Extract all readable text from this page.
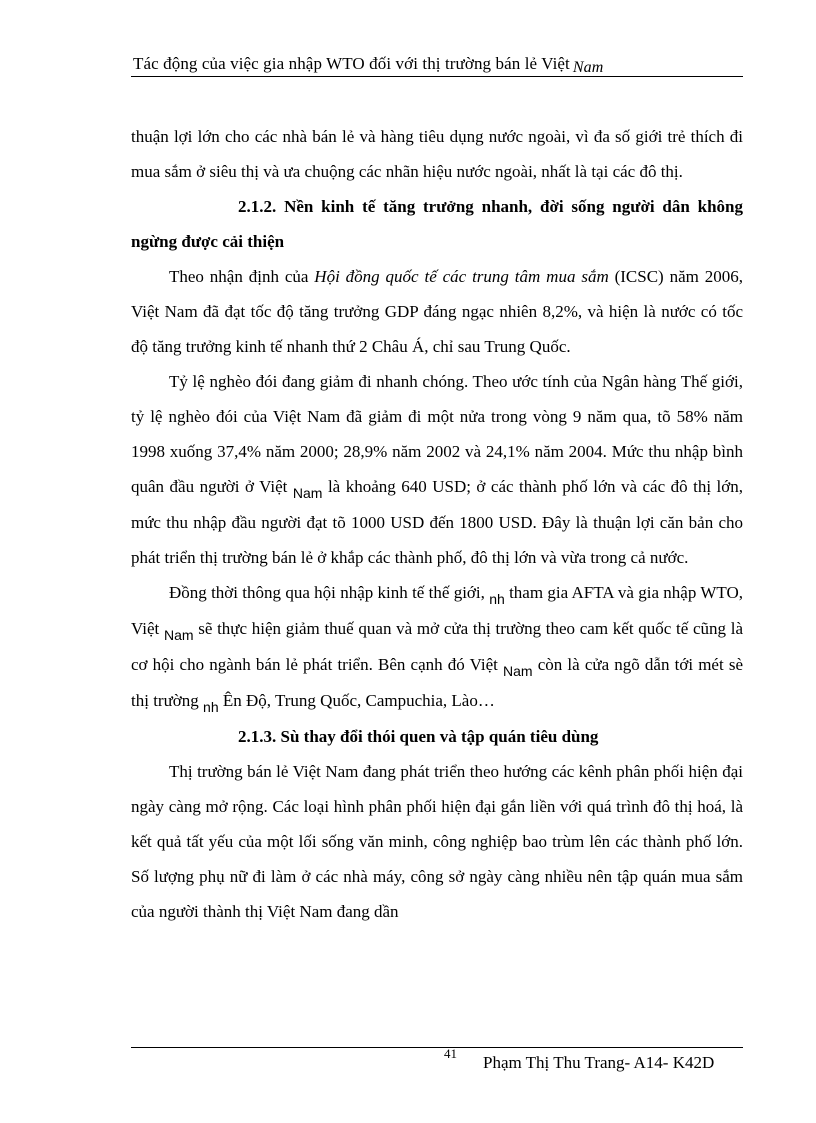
Tác động của việc gia nhập WTO đối với thị trường bán lẻ Việt Nam

thuận lợi lớn cho các nhà bán lẻ và hàng tiêu dụng nước ngoài, vì đa số giới trẻ thích đi mua sắm ở siêu thị và ưa chuộng các nhãn hiệu nước ngoài, nhất là tại các đô thị.

2.1.2. Nền kinh tế tăng trưởng nhanh, đời sống người dân không ngừng được cải thiện

Theo nhận định của Hội đồng quốc tế các trung tâm mua sắm (ICSC) năm 2006, Việt Nam đã đạt tốc độ tăng trưởng GDP đáng ngạc nhiên 8,2%, và hiện là nước có tốc độ tăng trưởng kinh tế nhanh thứ 2 Châu Á, chỉ sau Trung Quốc.

Tỷ lệ nghèo đói đang giảm đi nhanh chóng. Theo ước tính của Ngân hàng Thế giới, tỷ lệ nghèo đói của Việt Nam đã giảm đi một nửa trong vòng 9 năm qua, tõ 58% năm 1998 xuống 37,4% năm 2000; 28,9% năm 2002 và 24,1% năm 2004. Mức thu nhập bình quân đầu người ở Việt $_{Nam}$ là khoảng 640 USD; ở các thành phố lớn và các đô thị lớn, mức thu nhập đầu người đạt tõ 1000 USD đến 1800 USD. Đây là thuận lợi căn bản cho phát triển thị trường bán lẻ ở khắp các thành phố, đô thị lớn và vừa trong cả nước.

Đồng thời thông qua hội nhập kinh tế thế giới, $_{nh}$ tham gia AFTA và gia nhập WTO, Việt $_{Nam}$ sẽ thực hiện giảm thuế quan và mở cửa thị trường theo cam kết quốc tế cũng là cơ hội cho ngành bán lẻ phát triển. Bên cạnh đó Việt $_{Nam}$ còn là cửa ngõ dẫn tới mét sè thị trường $_{nh}$ Ên Độ, Trung Quốc, Campuchia, Lào…

2.1.3. Sù thay đổi thói quen và tập quán tiêu dùng

Thị trường bán lẻ Việt Nam đang phát triển theo hướng các kênh phân phối hiện đại ngày càng mở rộng. Các loại hình phân phối hiện đại gắn liền với quá trình đô thị hoá, là kết quả tất yếu của một lối sống văn minh, công nghiệp bao trùm lên các thành phố lớn. Số lượng phụ nữ đi làm ở các nhà máy, công sở ngày càng nhiều nên tập quán mua sắm của người thành thị Việt Nam đang dần

41 Phạm Thị Thu Trang- A14- K42D
